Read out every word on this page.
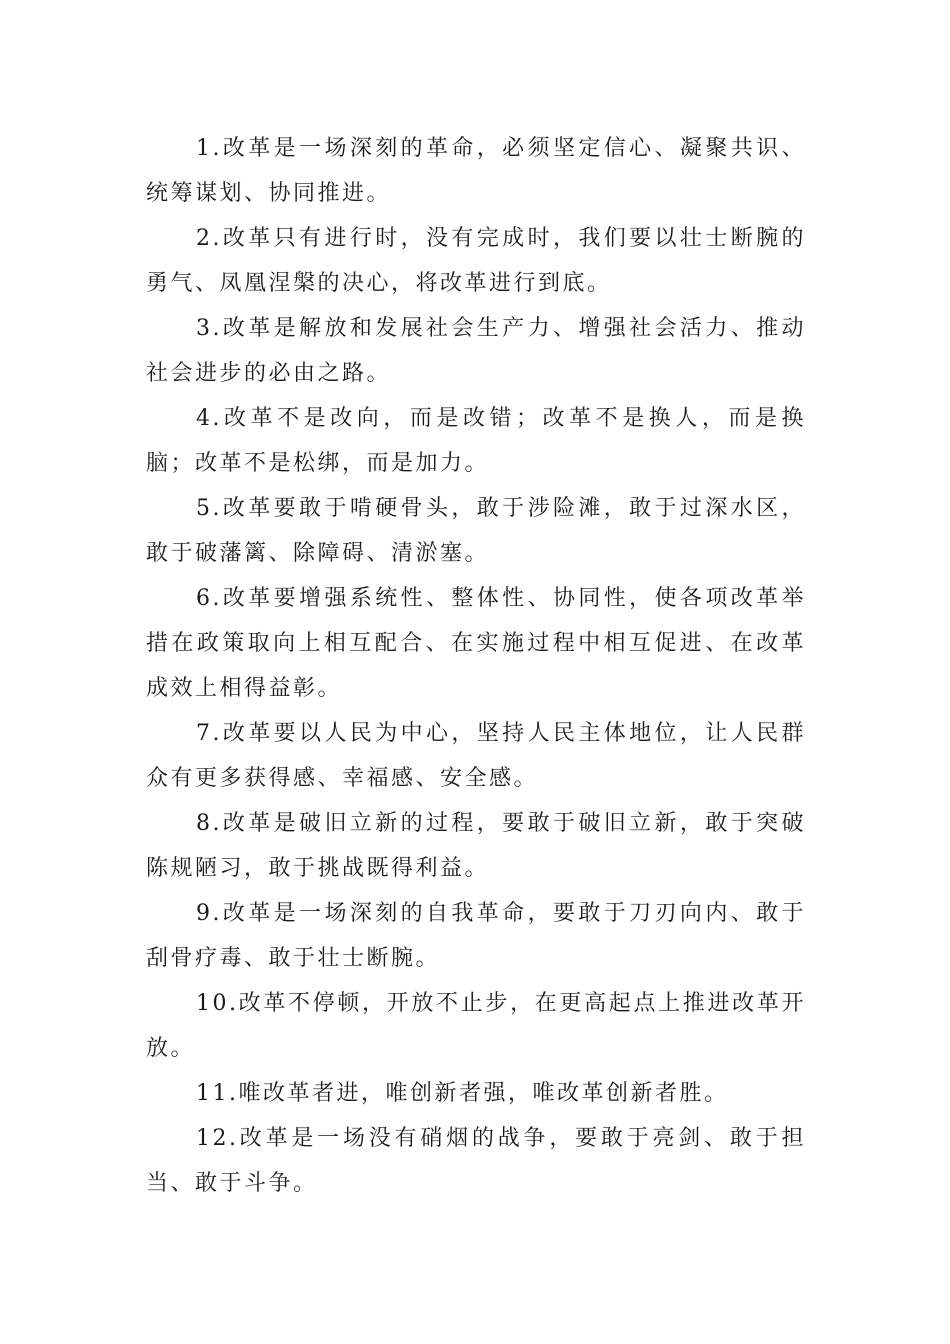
1.改革是一场深刻的革命，必须坚定信心、凝聚共识、统筹谋划、协同推进。

2.改革只有进行时，没有完成时，我们要以壮士断腕的勇气、凤凰涅槃的决心，将改革进行到底。

3.改革是解放和发展社会生产力、增强社会活力、推动社会进步的必由之路。

4.改革不是改向，而是改错；改革不是换人，而是换脑；改革不是松绑，而是加力。

5.改革要敢于啃硬骨头，敢于涉险滩，敢于过深水区，敢于破藩篱、除障碍、清淤塞。

6.改革要增强系统性、整体性、协同性，使各项改革举措在政策取向上相互配合、在实施过程中相互促进、在改革成效上相得益彰。

7.改革要以人民为中心，坚持人民主体地位，让人民群众有更多获得感、幸福感、安全感。

8.改革是破旧立新的过程，要敢于破旧立新，敢于突破陈规陋习，敢于挑战既得利益。

9.改革是一场深刻的自我革命，要敢于刀刃向内、敢于刮骨疗毒、敢于壮士断腕。

10.改革不停顿，开放不止步，在更高起点上推进改革开放。

11.唯改革者进，唯创新者强，唯改革创新者胜。

12.改革是一场没有硝烟的战争，要敢于亮剑、敢于担当、敢于斗争。
